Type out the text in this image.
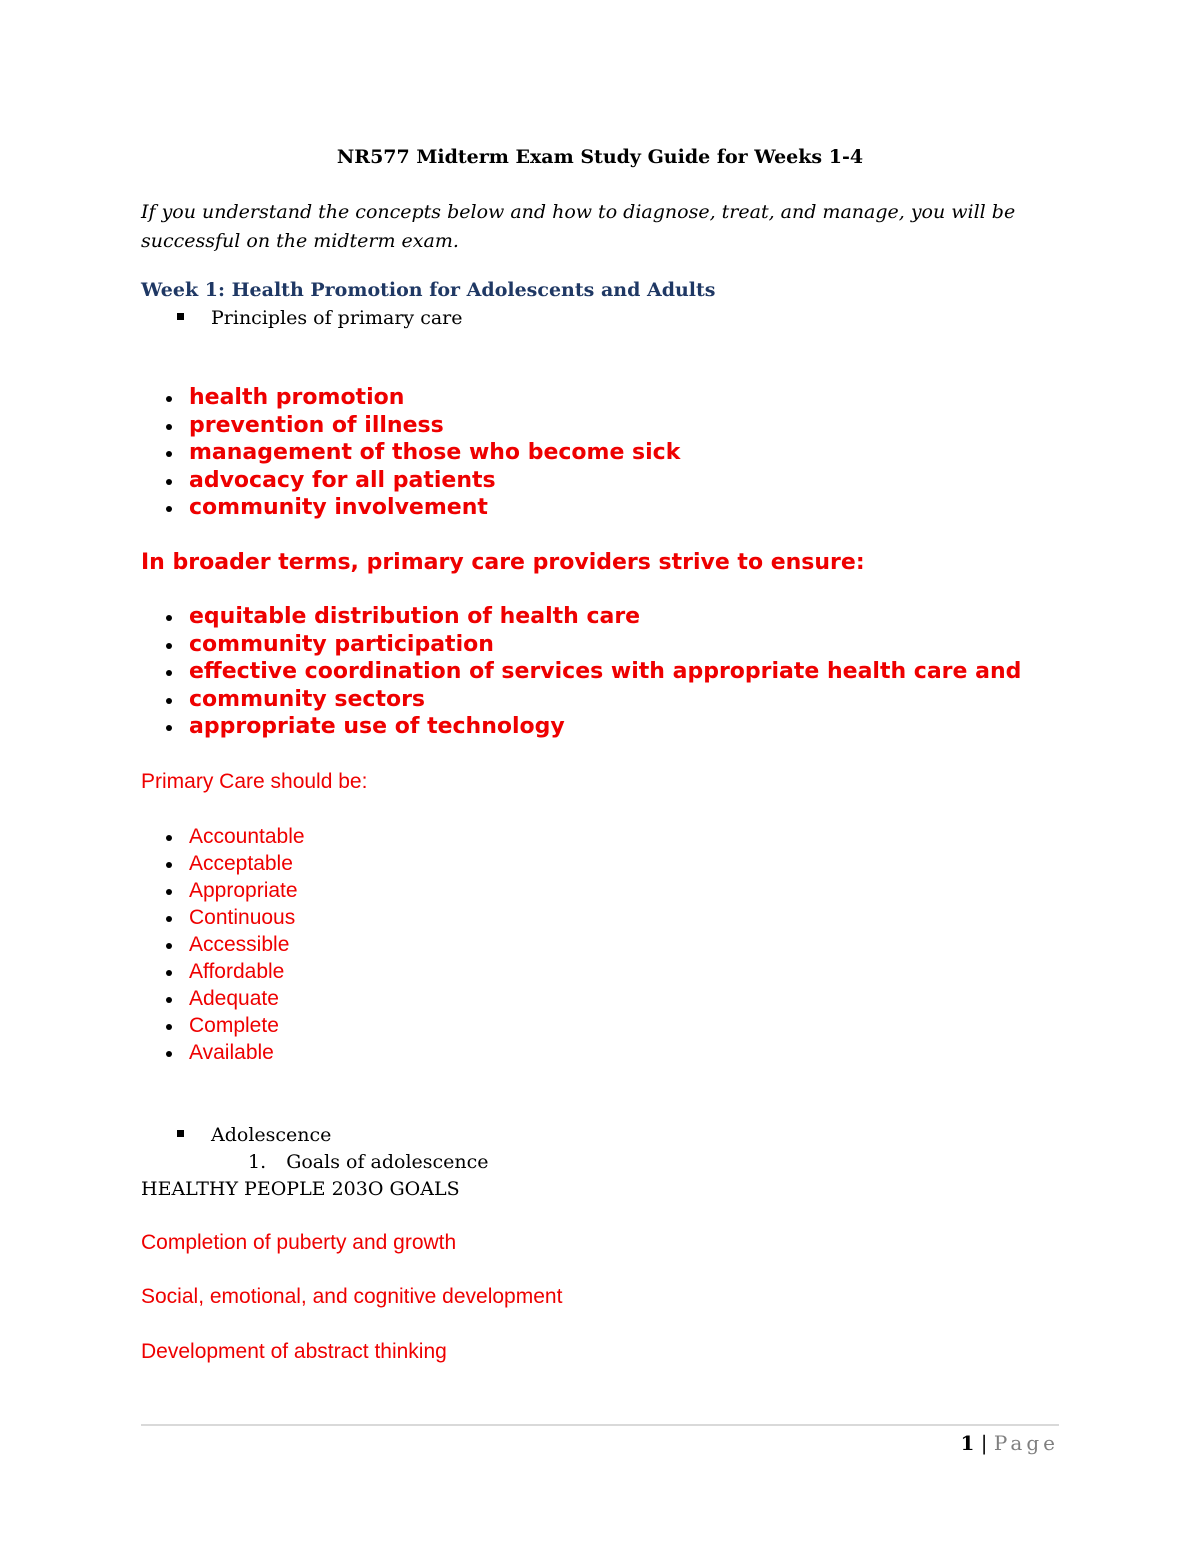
NR577 Midterm Exam Study Guide for Weeks 1-4
If you understand the concepts below and how to diagnose, treat, and manage, you will be successful on the midterm exam.
Week 1: Health Promotion for Adolescents and Adults
Principles of primary care
health promotion
prevention of illness
management of those who become sick
advocacy for all patients
community involvement
In broader terms, primary care providers strive to ensure:
equitable distribution of health care
community participation
effective coordination of services with appropriate health care and
community sectors
appropriate use of technology
Primary Care should be:
Accountable
Acceptable
Appropriate
Continuous
Accessible
Affordable
Adequate
Complete
Available
Adolescence
1. Goals of adolescence
HEALTHY PEOPLE 203O GOALS
Completion of puberty and growth
Social, emotional, and cognitive development
Development of abstract thinking
1 | Page
